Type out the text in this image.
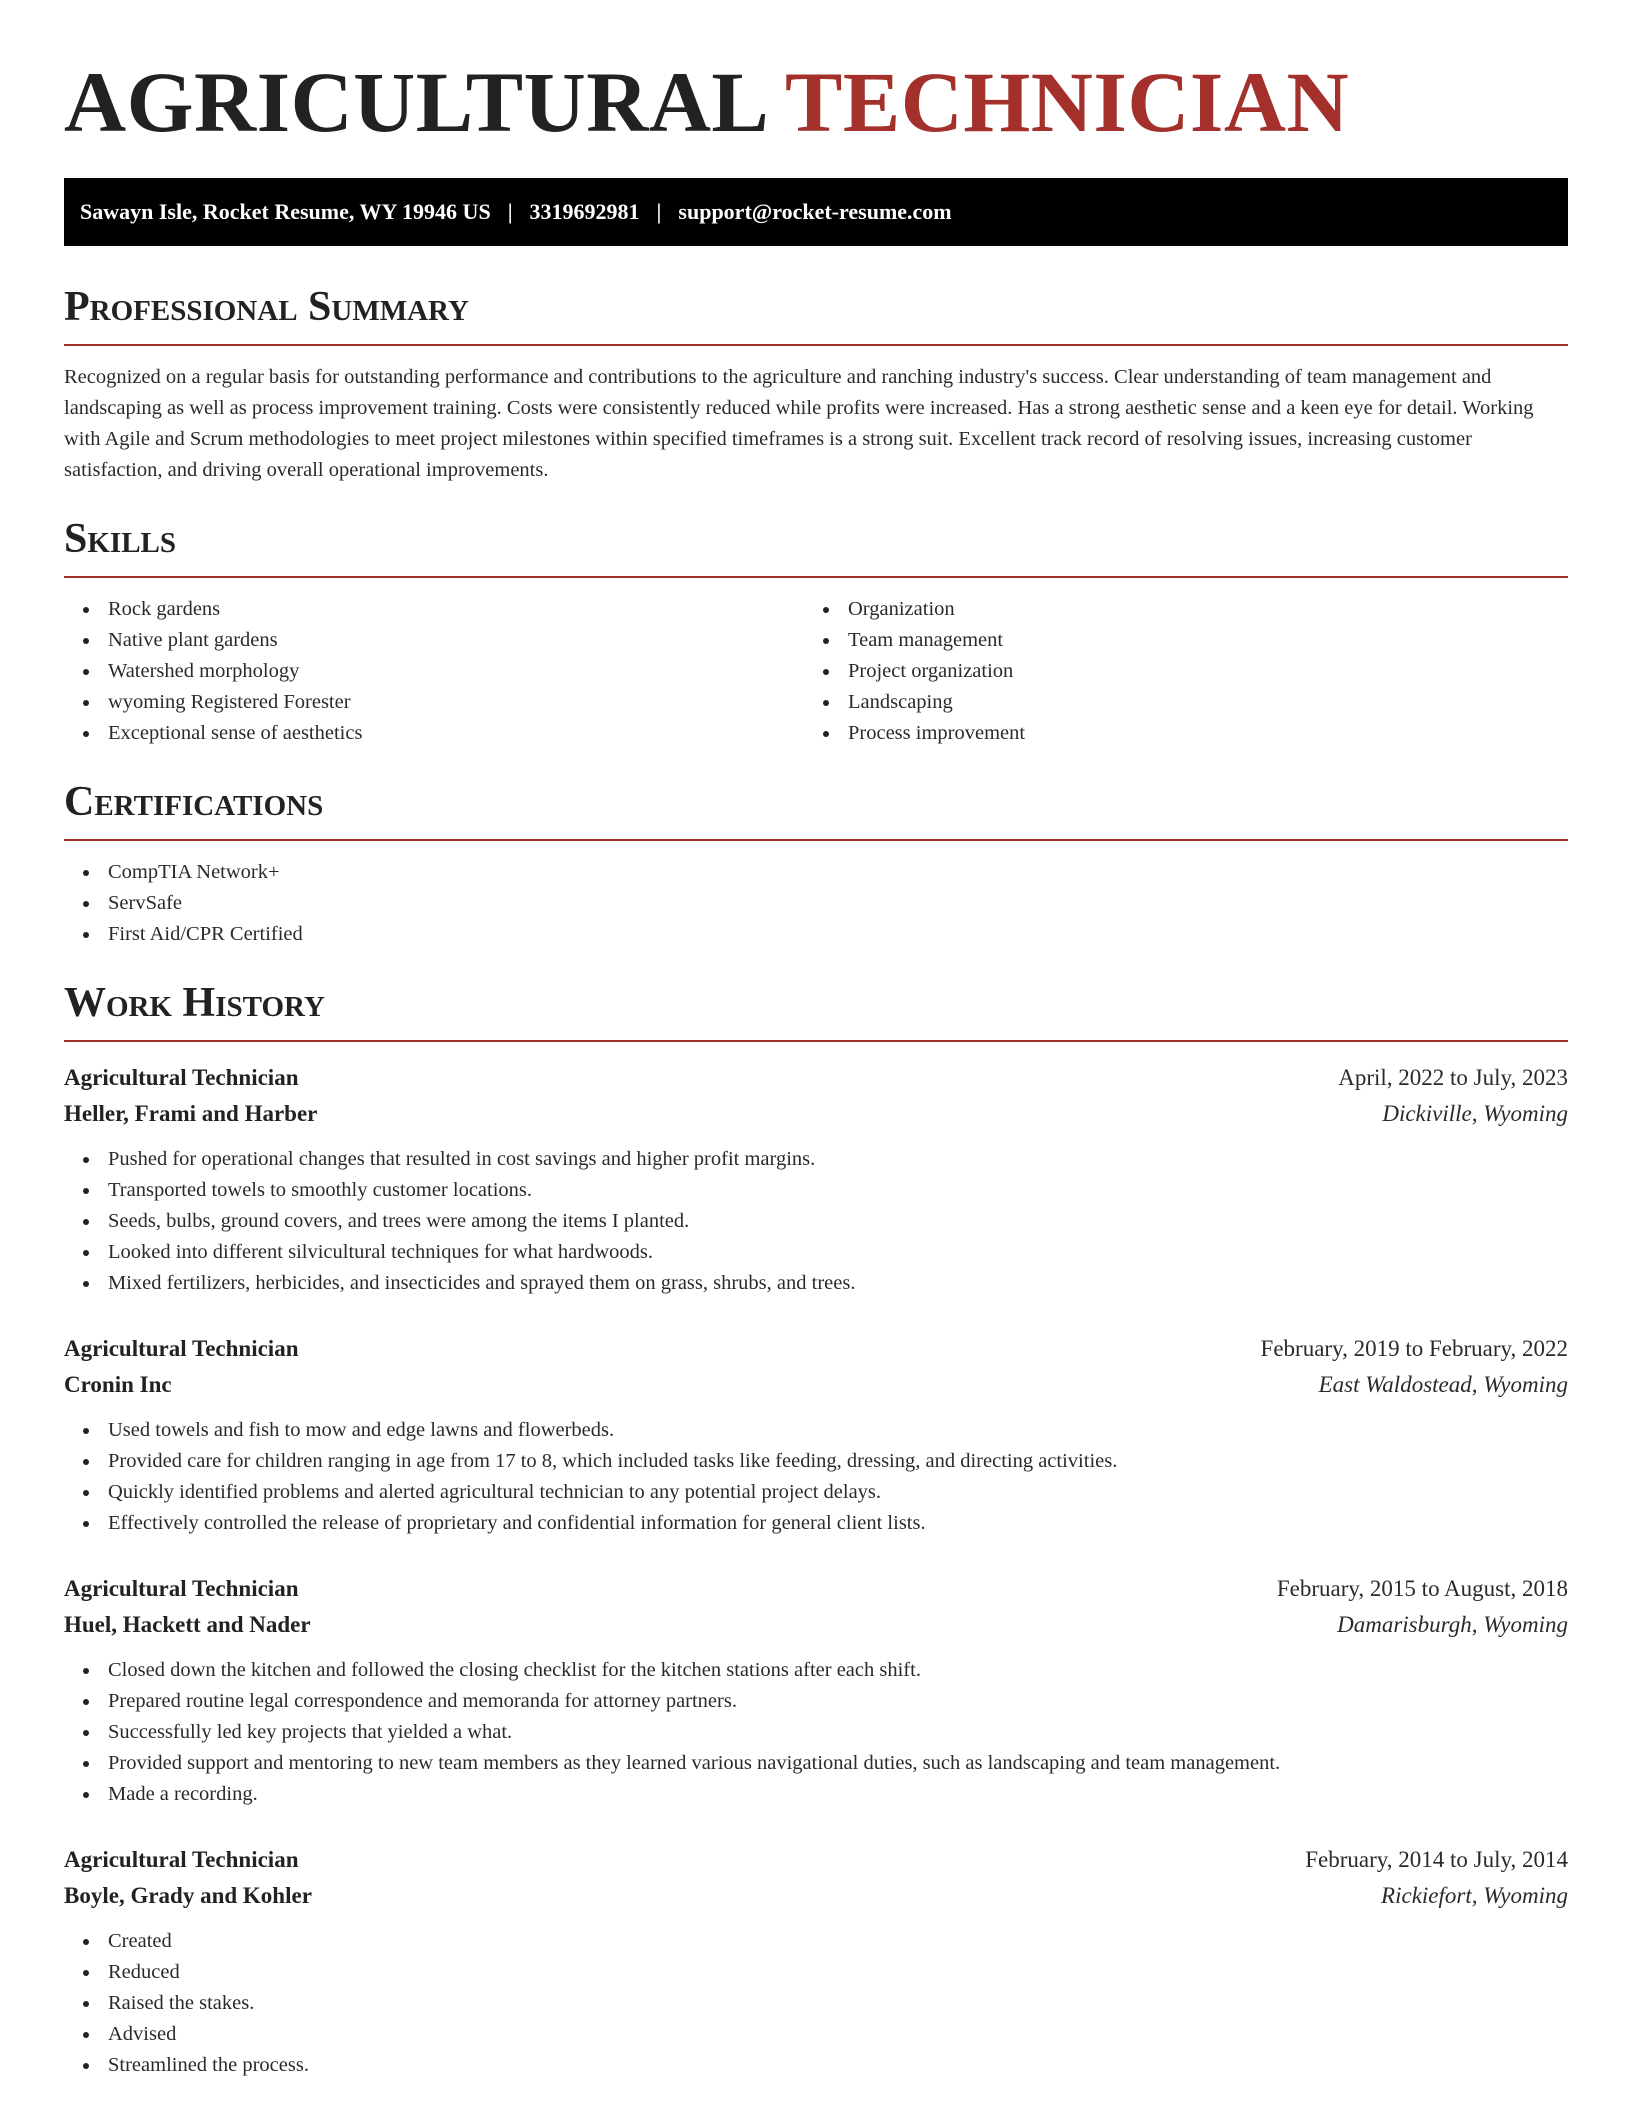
AGRICULTURAL TECHNICIAN
Sawayn Isle, Rocket Resume, WY 19946 US | 3319692981 | support@rocket-resume.com
Professional Summary

Recognized on a regular basis for outstanding performance and contributions to the agriculture and ranching industry's success. Clear understanding of team management and landscaping as well as process improvement training. Costs were consistently reduced while profits were increased. Has a strong aesthetic sense and a keen eye for detail. Working with Agile and Scrum methodologies to meet project milestones within specified timeframes is a strong suit. Excellent track record of resolving issues, increasing customer satisfaction, and driving overall operational improvements.

Skills
Rock gardens
Native plant gardens
Watershed morphology
wyoming Registered Forester
Exceptional sense of aesthetics
Organization
Team management
Project organization
Landscaping
Process improvement
Certifications
CompTIA Network+
ServSafe
First Aid/CPR Certified
Work History
Agricultural Technician	April, 2022 to July, 2023
Heller, Frami and Harber	Dickiville, Wyoming
Pushed for operational changes that resulted in cost savings and higher profit margins.
Transported towels to smoothly customer locations.
Seeds, bulbs, ground covers, and trees were among the items I planted.
Looked into different silvicultural techniques for what hardwoods.
Mixed fertilizers, herbicides, and insecticides and sprayed them on grass, shrubs, and trees.
Agricultural Technician	February, 2019 to February, 2022
Cronin Inc	East Waldostead, Wyoming
Used towels and fish to mow and edge lawns and flowerbeds.
Provided care for children ranging in age from 17 to 8, which included tasks like feeding, dressing, and directing activities.
Quickly identified problems and alerted agricultural technician to any potential project delays.
Effectively controlled the release of proprietary and confidential information for general client lists.
Agricultural Technician	February, 2015 to August, 2018
Huel, Hackett and Nader	Damarisburgh, Wyoming
Closed down the kitchen and followed the closing checklist for the kitchen stations after each shift.
Prepared routine legal correspondence and memoranda for attorney partners.
Successfully led key projects that yielded a what.
Provided support and mentoring to new team members as they learned various navigational duties, such as landscaping and team management.
Made a recording.
Agricultural Technician	February, 2014 to July, 2014
Boyle, Grady and Kohler	Rickiefort, Wyoming
Created
Reduced
Raised the stakes.
Advised
Streamlined the process.
